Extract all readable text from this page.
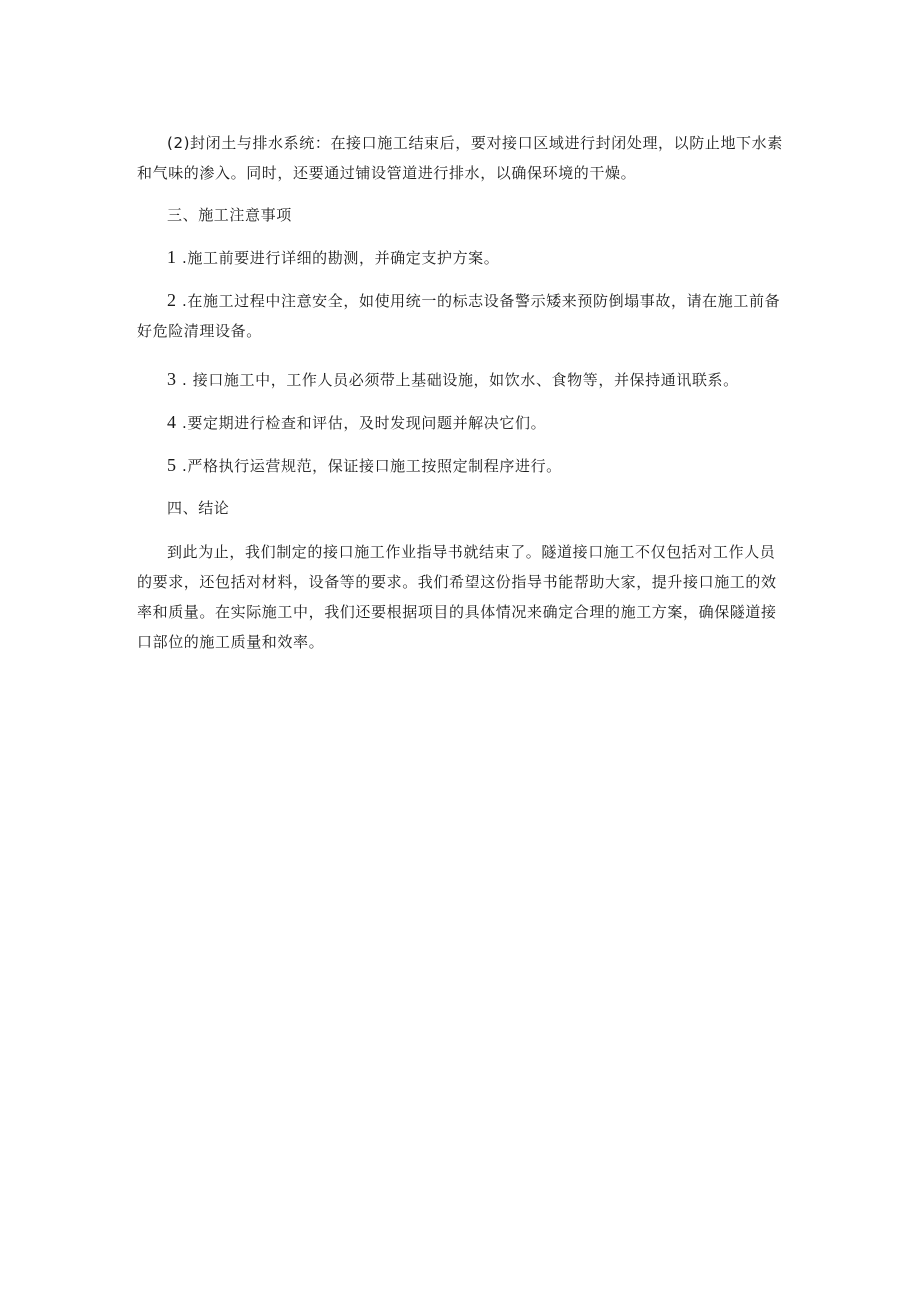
(2)封闭土与排水系统：在接口施工结束后，要对接口区域进行封闭处理，以防止地下水素和气味的渗入。同时，还要通过铺设管道进行排水，以确保环境的干燥。

三、施工注意事项

1 .施工前要进行详细的勘测，并确定支护方案。

2 .在施工过程中注意安全，如使用统一的标志设备警示矮来预防倒塌事故，请在施工前备好危险清理设备。

3 . 接口施工中，工作人员必须带上基础设施，如饮水、食物等，并保持通讯联系。

4 .要定期进行检查和评估，及时发现问题并解决它们。

5 .严格执行运营规范，保证接口施工按照定制程序进行。

四、结论

到此为止，我们制定的接口施工作业指导书就结束了。隧道接口施工不仅包括对工作人员的要求，还包括对材料，设备等的要求。我们希望这份指导书能帮助大家，提升接口施工的效率和质量。在实际施工中，我们还要根据项目的具体情况来确定合理的施工方案，确保隧道接口部位的施工质量和效率。
